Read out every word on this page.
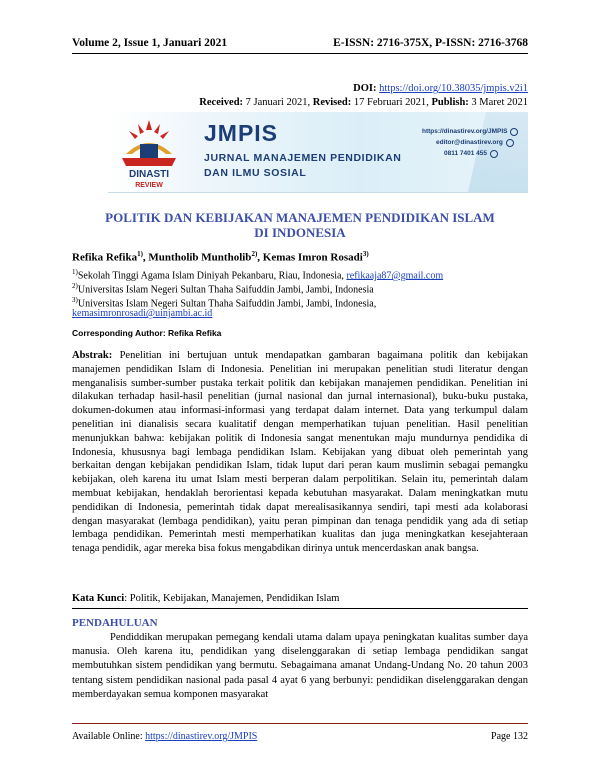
Volume 2, Issue 1, Januari 2021	E-ISSN: 2716-375X, P-ISSN: 2716-3768
DOI: https://doi.org/10.38035/jmpis.v2i1
Received: 7 Januari 2021, Revised: 17 Februari 2021, Publish: 3 Maret 2021
DINASTI
REVIEW
JMPIS
JURNAL MANAJEMEN PENDIDIKAN
DAN ILMU SOSIAL
https://dinastirev.org/JMPIS
editor@dinastirev.org
0811 7401 455
POLITIK DAN KEBIJAKAN MANAJEMEN PENDIDIKAN ISLAM
DI INDONESIA
Refika Refika$^{1)}$, Muntholib Muntholib$^{2)}$, Kemas Imron Rosadi$^{3)}$
$^{1)}$Sekolah Tinggi Agama Islam Diniyah Pekanbaru, Riau, Indonesia, refikaaja87@gmail.com
$^{2)}$Universitas Islam Negeri Sultan Thaha Saifuddin Jambi, Jambi, Indonesia
$^{3)}$Universitas Islam Negeri Sultan Thaha Saifuddin Jambi, Jambi, Indonesia,
kemasimronrosadi@uinjambi.ac.id
Corresponding Author: Refika Refika
Abstrak: Penelitian ini bertujuan untuk mendapatkan gambaran bagaimana politik dan kebijakan manajemen pendidikan Islam di Indonesia. Penelitian ini merupakan penelitian studi literatur dengan menganalisis sumber-sumber pustaka terkait politik dan kebijakan manajemen pendidikan. Penelitian ini dilakukan terhadap hasil-hasil penelitian (jurnal nasional dan jurnal internasional), buku-buku pustaka, dokumen-dokumen atau informasi-informasi yang terdapat dalam internet. Data yang terkumpul dalam penelitian ini dianalisis secara kualitatif dengan memperhatikan tujuan penelitian. Hasil penelitian menunjukkan bahwa: kebijakan politik di Indonesia sangat menentukan maju mundurnya pendidika di Indonesia, khususnya bagi lembaga pendidikan Islam. Kebijakan yang dibuat oleh pemerintah yang berkaitan dengan kebijakan pendidikan Islam, tidak luput dari peran kaum muslimin sebagai pemangku kebijakan, oleh karena itu umat Islam mesti berperan dalam perpolitikan. Selain itu, pemerintah dalam membuat kebijakan, hendaklah berorientasi kepada kebutuhan masyarakat. Dalam meningkatkan mutu pendidikan di Indonesia, pemerintah tidak dapat merealisasikannya sendiri, tapi mesti ada kolaborasi dengan masyarakat (lembaga pendidikan), yaitu peran pimpinan dan tenaga pendidik yang ada di setiap lembaga pendidikan. Pemerintah mesti memperhatikan kualitas dan juga meningkatkan kesejahteraan tenaga pendidik, agar mereka bisa fokus mengabdikan dirinya untuk mencerdaskan anak bangsa.
Kata Kunci: Politik, Kebijakan, Manajemen, Pendidikan Islam
PENDAHULUAN
Pendiddikan merupakan pemegang kendali utama dalam upaya peningkatan kualitas sumber daya manusia. Oleh karena itu, pendidikan yang diselenggarakan di setiap lembaga pendidikan sangat membutuhkan sistem pendidikan yang bermutu. Sebagaimana amanat Undang-Undang No. 20 tahun 2003 tentang sistem pendidikan nasional pada pasal 4 ayat 6 yang berbunyi: pendidikan diselenggarakan dengan memberdayakan semua komponen masyarakat
Available Online: https://dinastirev.org/JMPIS	Page 132
